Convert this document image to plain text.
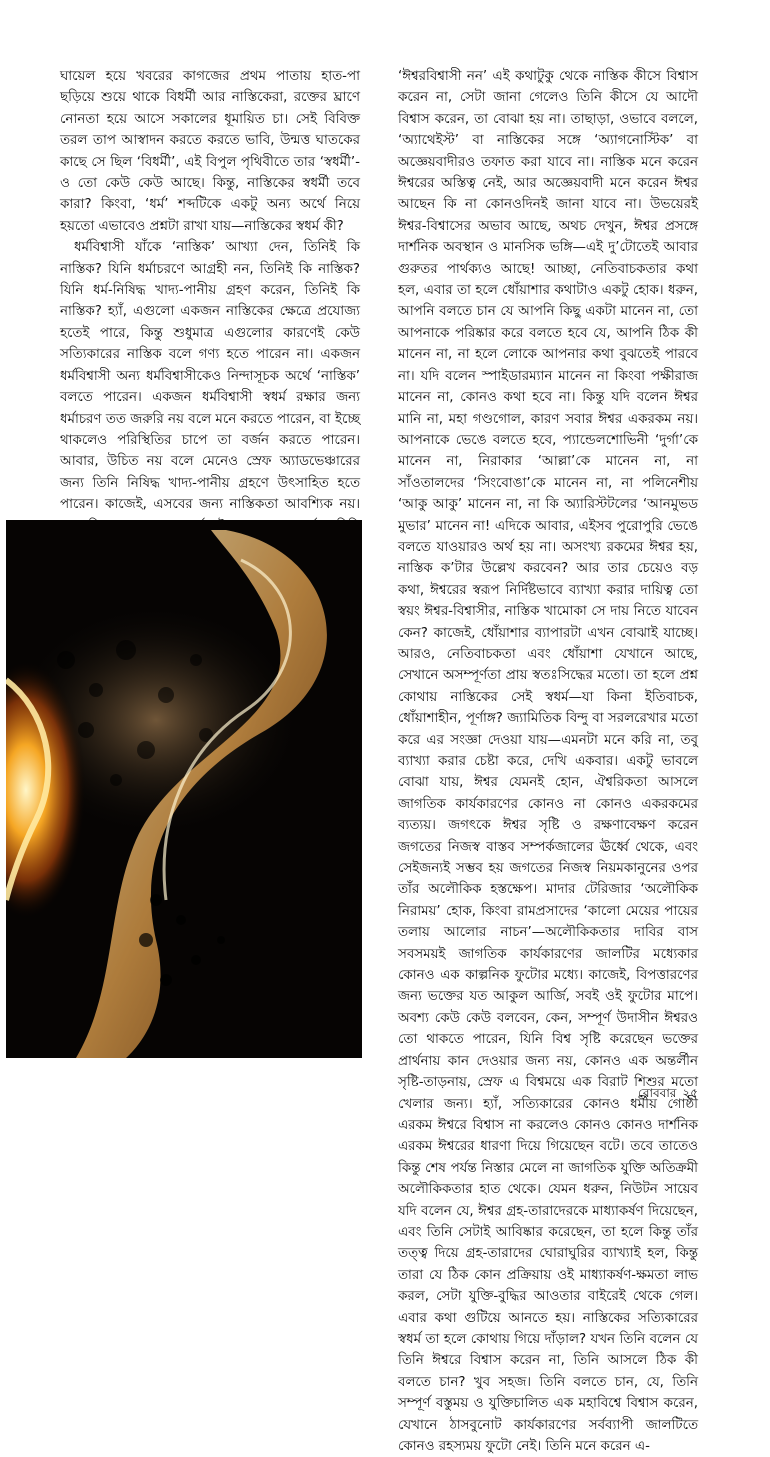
ঘায়েল হয়ে খবরের কাগজের প্রথম পাতায় হাত-পা ছড়িয়ে শুয়ে থাকে বিধর্মী আর নাস্তিকেরা, রক্তের ঘ্রাণে নোনতা হয়ে আসে সকালের ধূমায়িত চা। সেই বিবিক্ত তরল তাপ আস্বাদন করতে করতে ভাবি, উন্মত্ত ঘাতকের কাছে সে ছিল ‘বিধর্মী’, এই বিপুল পৃথিবীতে তার ‘স্বধর্মী’-ও তো কেউ কেউ আছে। কিন্তু, নাস্তিকের স্বধর্মী তবে কারা? কিংবা, ‘ধর্ম’ শব্দটিকে একটু অন্য অর্থে নিয়ে হয়তো এভাবেও প্রশ্নটা রাখা যায়—নাস্তিকের স্বধর্ম কী?

ধর্মবিশ্বাসী যাঁকে ‘নাস্তিক’ আখ্যা দেন, তিনিই কি নাস্তিক? যিনি ধর্মাচরণে আগ্রহী নন, তিনিই কি নাস্তিক? যিনি ধর্ম-নিষিদ্ধ খাদ্য-পানীয় গ্রহণ করেন, তিনিই কি নাস্তিক? হ্যাঁ, এগুলো একজন নাস্তিকের ক্ষেত্রে প্রযোজ্য হতেই পারে, কিন্তু শুধুমাত্র এগুলোর কারণেই কেউ সত্যিকারের নাস্তিক বলে গণ্য হতে পারেন না। একজন ধর্মবিশ্বাসী অন্য ধর্মবিশ্বাসীকেও নিন্দাসূচক অর্থে ‘নাস্তিক’ বলতে পারেন। একজন ধর্মবিশ্বাসী স্বধর্ম রক্ষার জন্য ধর্মাচরণ তত জরুরি নয় বলে মনে করতে পারেন, বা ইচ্ছে থাকলেও পরিস্থিতির চাপে তা বর্জন করতে পারেন। আবার, উচিত নয় বলে মেনেও স্রেফ অ্যাডভেঞ্চারের জন্য তিনি নিষিদ্ধ খাদ্য-পানীয় গ্রহণে উৎসাহিত হতে পারেন। কাজেই, এসবের জন্য নাস্তিকতা আবশ্যিক নয়।

‘ঈশ্বরবিশ্বাসী নন’ এই কথাটুকু থেকে নাস্তিক কীসে বিশ্বাস করেন না, সেটা জানা গেলেও তিনি কীসে যে আদৌ বিশ্বাস করেন, তা বোঝা হয় না। তাছাড়া, ওভাবে বললে, ‘অ্যাথেইস্ট’ বা নাস্তিকের সঙ্গে ‘অ্যাগনোস্টিক’ বা অজ্ঞেয়বাদীরও তফাত করা যাবে না। নাস্তিক মনে করেন ঈশ্বরের অস্তিত্ব নেই, আর অজ্ঞেয়বাদী মনে করেন ঈশ্বর আছেন কি না কোনওদিনই জানা যাবে না। উভয়েরই ঈশ্বর-বিশ্বাসের অভাব আছে, অথচ দেখুন, ঈশ্বর প্রসঙ্গে দার্শনিক অবস্থান ও মানসিক ভঙ্গি—এই দু’টোতেই আবার গুরুতর পার্থক্যও আছে! আচ্ছা, নেতিবাচকতার কথা হল, এবার তা হলে ধোঁয়াশার কথাটাও একটু হোক। ধরুন, আপনি বলতে চান যে আপনি কিছু একটা মানেন না, তো আপনাকে পরিষ্কার করে বলতে হবে যে, আপনি ঠিক কী মানেন না, না হলে লোকে আপনার কথা বুঝতেই পারবে না। যদি বলেন স্পাইডারম্যান মানেন না কিংবা পক্ষীরাজ মানেন না, কোনও কথা হবে না। কিন্তু যদি বলেন ঈশ্বর মানি না, মহা গণ্ডগোল, কারণ সবার ঈশ্বর একরকম নয়। আপনাকে ভেঙে বলতে হবে, প্যান্ডেলশোভিনী ‘দুর্গা’কে মানেন না, নিরাকার ‘আল্লা’কে মানেন না, না সাঁওতালদের ‘সিংবোঙা’কে মানেন না, না পলিনেশীয় ‘আকু আকু’ মানেন না, না কি অ্যারিস্টটলের ‘আনমুভড মুভার’ মানেন না! এদিকে আবার, এইসব পুরোপুরি ভেঙে বলতে যাওয়ারও অর্থ হয় না। অসংখ্য রকমের ঈশ্বর হয়, নাস্তিক ক’টার উল্লেখ করবেন? আর তার চেয়েও বড় কথা, ঈশ্বরের স্বরূপ নির্দিষ্টভাবে ব্যাখ্যা করার দায়িত্ব তো স্বয়ং ঈশ্বর-বিশ্বাসীর, নাস্তিক খামোকা সে দায় নিতে যাবেন কেন? কাজেই, ধোঁয়াশার ব্যাপারটা এখন বোঝাই যাচ্ছে। আরও, নেতিবাচকতা এবং ধোঁয়াশা যেখানে আছে, সেখানে অসম্পূর্ণতা প্রায় স্বতঃসিদ্ধের মতো। তা হলে প্রশ্ন কোথায় নাস্তিকের সেই স্বধর্ম—যা কিনা ইতিবাচক, ধোঁয়াশাহীন, পূর্ণাঙ্গ? জ্যামিতিক বিন্দু বা সরলরেখার মতো করে এর সংজ্ঞা দেওয়া যায়—এমনটা মনে করি না, তবু ব্যাখ্যা করার চেষ্টা করে, দেখি একবার। একটু ভাবলে বোঝা যায়, ঈশ্বর যেমনই হোন, ঐশ্বরিকতা আসলে জাগতিক কার্যকারণের কোনও না কোনও একরকমের ব্যত্যয়। জগৎকে ঈশ্বর সৃষ্টি ও রক্ষণাবেক্ষণ করেন জগতের নিজস্ব বাস্তব সম্পর্কজালের ঊর্ধ্বে থেকে, এবং সেইজন্যই সম্ভব হয় জগতের নিজস্ব নিয়মকানুনের ওপর তাঁর অলৌকিক হস্তক্ষেপ। মাদার টেরিজার ‘অলৌকিক নিরাময়’ হোক, কিংবা রামপ্রসাদের ‘কালো মেয়ের পায়ের তলায় আলোর নাচন’—অলৌকিকতার দাবির বাস সবসময়ই জাগতিক কার্যকারণের জালটির মধ্যেকার কোনও এক কাল্পনিক ফুটোর মধ্যে। কাজেই, বিপত্তারণের জন্য ভক্তের যত আকুল আর্জি, সবই ওই ফুটোর মাপে। অবশ্য কেউ কেউ বলবেন, কেন, সম্পূর্ণ উদাসীন ঈশ্বরও তো থাকতে পারেন, যিনি বিশ্ব সৃষ্টি করেছেন ভক্তের প্রার্থনায় কান দেওয়ার জন্য নয়, কোনও এক অন্তর্লীন সৃষ্টি-তাড়নায়, স্রেফ এ বিশ্বময়ে এক বিরাট শিশুর মতো খেলার জন্য। হ্যাঁ, সত্যিকারের কোনও ধর্মীয় গোষ্ঠী এরকম ঈশ্বরে বিশ্বাস না করলেও কোনও কোনও দার্শনিক এরকম ঈশ্বরের ধারণা দিয়ে গিয়েছেন বটে। তবে তাতেও কিন্তু শেষ পর্যন্ত নিস্তার মেলে না জাগতিক যুক্তি অতিক্রমী অলৌকিকতার হাত থেকে। যেমন ধরুন, নিউটন সায়েব যদি বলেন যে, ঈশ্বর গ্রহ-তারাদেরকে মাধ্যাকর্ষণ দিয়েছেন, এবং তিনি সেটাই আবিষ্কার করেছেন, তা হলে কিন্তু তাঁর তত্ত্ব দিয়ে গ্রহ-তারাদের ঘোরাঘুরির ব্যাখ্যাই হল, কিন্তু তারা যে ঠিক কোন প্রক্রিয়ায় ওই মাধ্যাকর্ষণ-ক্ষমতা লাভ করল, সেটা যুক্তি-বুদ্ধির আওতার বাইরেই থেকে গেল। এবার কথা গুটিয়ে আনতে হয়। নাস্তিকের সত্যিকারের স্বধর্ম তা হলে কোথায় গিয়ে দাঁড়াল? যখন তিনি বলেন যে তিনি ঈশ্বরে বিশ্বাস করেন না, তিনি আসলে ঠিক কী বলতে চান? খুব সহজ। তিনি বলতে চান, যে, তিনি সম্পূর্ণ বস্তুময় ও যুক্তিচালিত এক মহাবিশ্বে বিশ্বাস করেন, যেখানে ঠাসবুনোট কার্যকারণের সর্বব্যাপী জালটিতে কোনও রহস্যময় ফুটো নেই। তিনি মনে করেন এ-

রোববার ২৫
